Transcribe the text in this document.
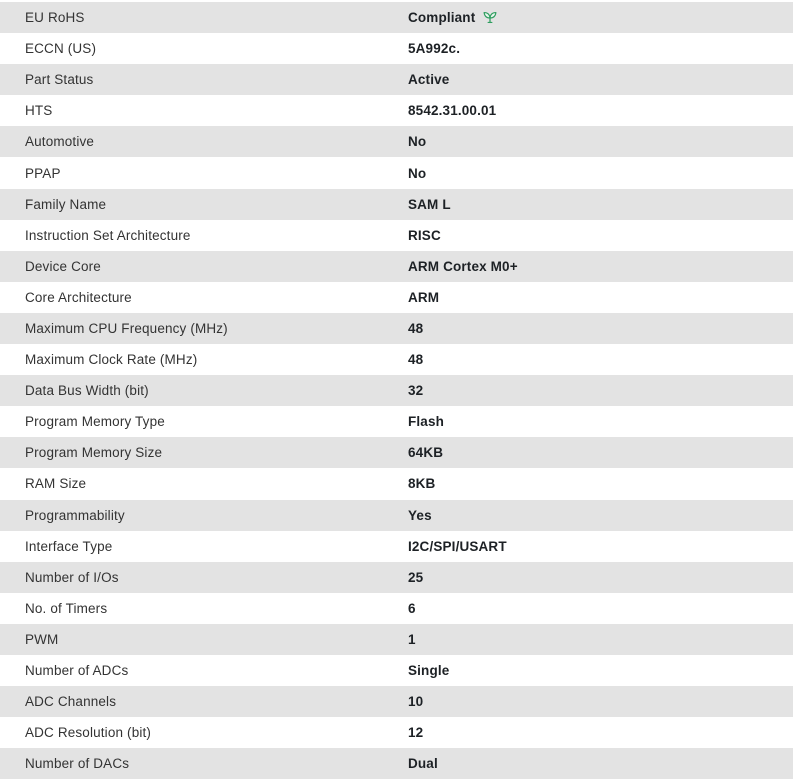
EU RoHS	Compliant
ECCN (US)	5A992c.
Part Status	Active
HTS	8542.31.00.01
Automotive	No
PPAP	No
Family Name	SAM L
Instruction Set Architecture	RISC
Device Core	ARM Cortex M0+
Core Architecture	ARM
Maximum CPU Frequency (MHz)	48
Maximum Clock Rate (MHz)	48
Data Bus Width (bit)	32
Program Memory Type	Flash
Program Memory Size	64KB
RAM Size	8KB
Programmability	Yes
Interface Type	I2C/SPI/USART
Number of I/Os	25
No. of Timers	6
PWM	1
Number of ADCs	Single
ADC Channels	10
ADC Resolution (bit)	12
Number of DACs	Dual
